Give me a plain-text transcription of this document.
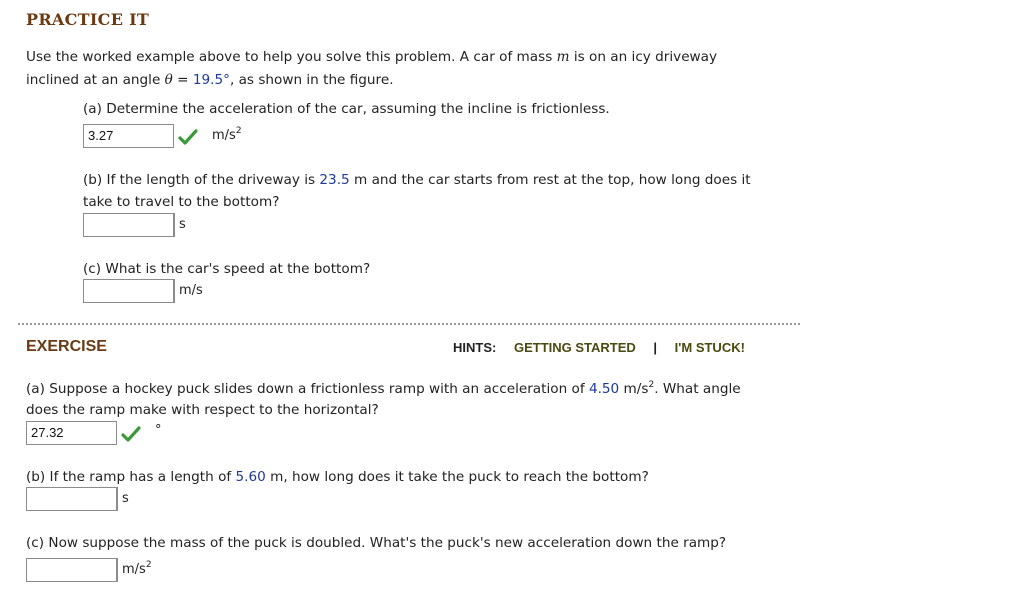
PRACTICE IT
Use the worked example above to help you solve this problem. A car of mass m is on an icy driveway
inclined at an angle θ = 19.5°, as shown in the figure.
(a) Determine the acceleration of the car, assuming the incline is frictionless.
3.27	$m/s^2$
(b) If the length of the driveway is 23.5 m and the car starts from rest at the top, how long does it
take to travel to the bottom?
s
(c) What is the car's speed at the bottom?
m/s
EXERCISE	HINTS: GETTING STARTED | I'M STUCK!
(a) Suppose a hockey puck slides down a frictionless ramp with an acceleration of 4.50 $m/s^2$. What angle
does the ramp make with respect to the horizontal?
27.32	°
(b) If the ramp has a length of 5.60 m, how long does it take the puck to reach the bottom?
s
(c) Now suppose the mass of the puck is doubled. What's the puck's new acceleration down the ramp?
$m/s^2$
